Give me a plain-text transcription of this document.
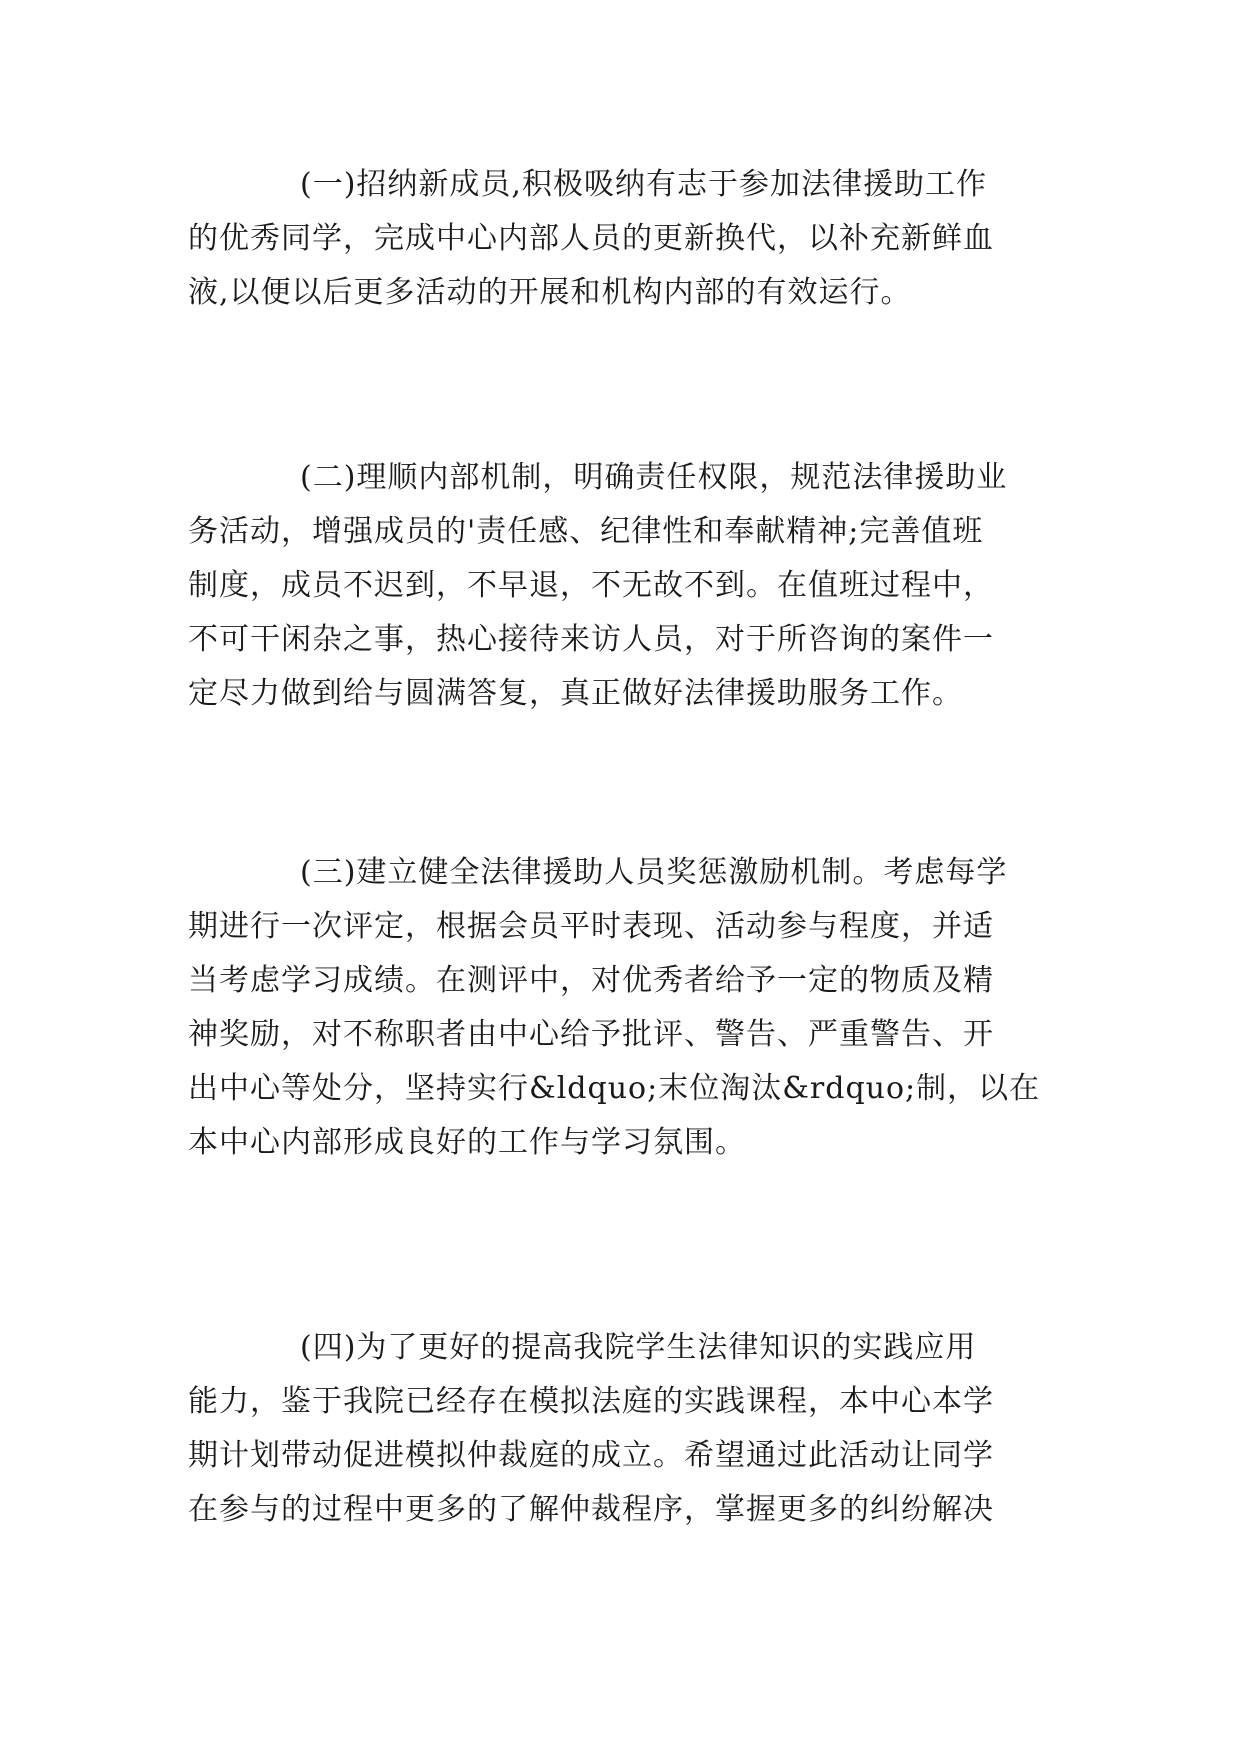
(一)招纳新成员,积极吸纳有志于参加法律援助工作
的优秀同学，完成中心内部人员的更新换代，以补充新鲜血
液,以便以后更多活动的开展和机构内部的有效运行。
(二)理顺内部机制，明确责任权限，规范法律援助业
务活动，增强成员的'责任感、纪律性和奉献精神;完善值班
制度，成员不迟到，不早退，不无故不到。在值班过程中，
不可干闲杂之事，热心接待来访人员，对于所咨询的案件一
定尽力做到给与圆满答复，真正做好法律援助服务工作。
(三)建立健全法律援助人员奖惩激励机制。考虑每学
期进行一次评定，根据会员平时表现、活动参与程度，并适
当考虑学习成绩。在测评中，对优秀者给予一定的物质及精
神奖励，对不称职者由中心给予批评、警告、严重警告、开
出中心等处分，坚持实行&ldquo;末位淘汰&rdquo;制，以在
本中心内部形成良好的工作与学习氛围。
(四)为了更好的提高我院学生法律知识的实践应用
能力，鉴于我院已经存在模拟法庭的实践课程，本中心本学
期计划带动促进模拟仲裁庭的成立。希望通过此活动让同学
在参与的过程中更多的了解仲裁程序，掌握更多的纠纷解决
